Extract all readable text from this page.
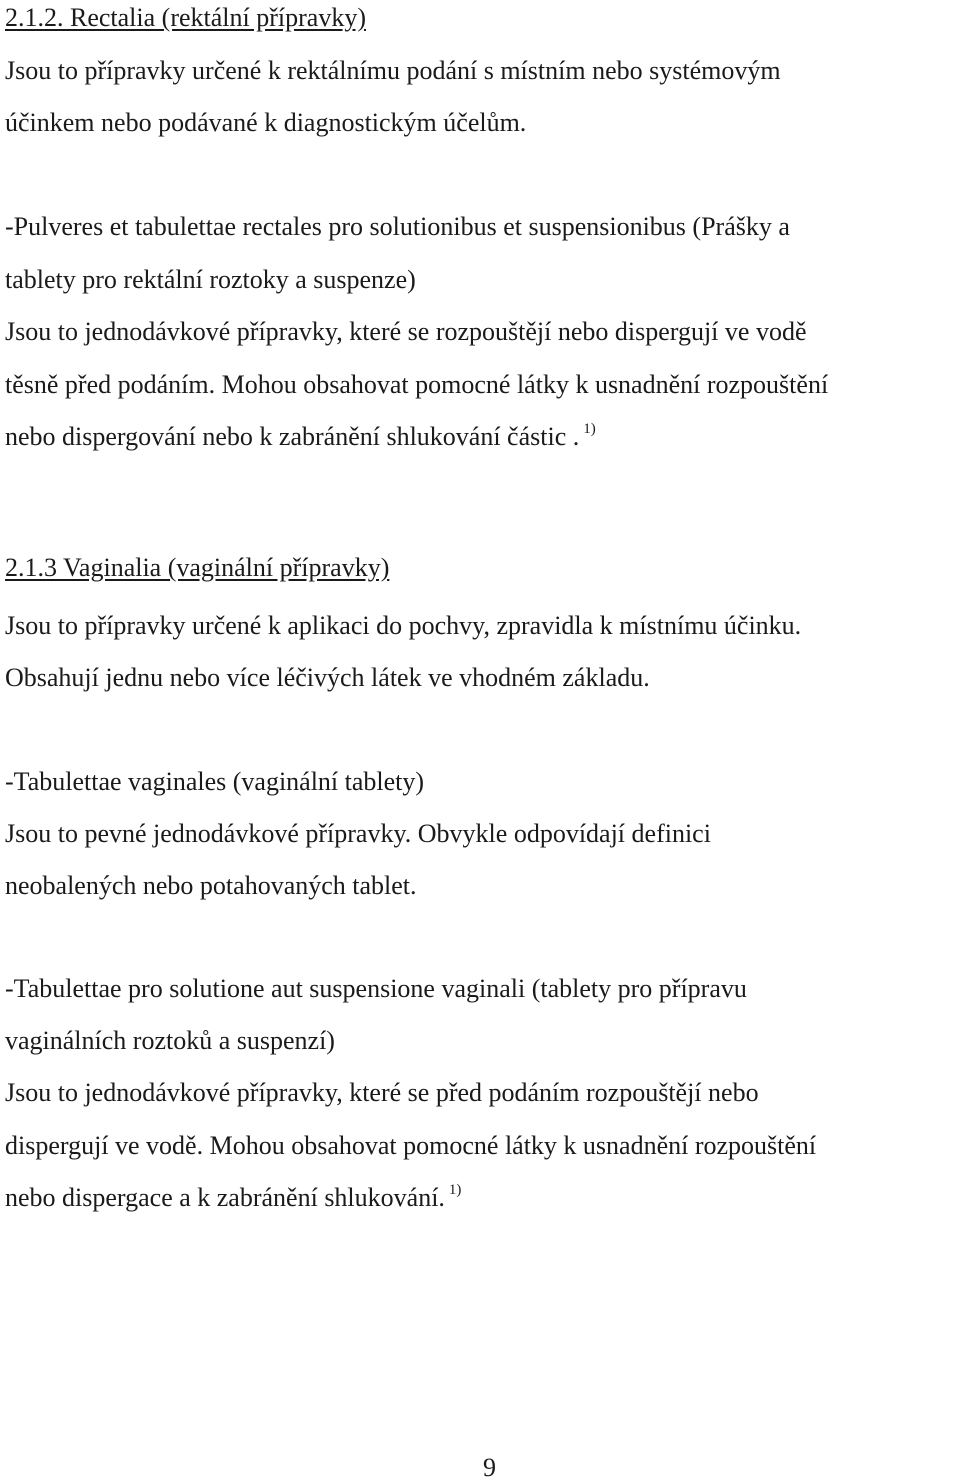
2.1.2. Rectalia (rektální přípravky)
Jsou to přípravky určené k rektálnímu podání s místním nebo systémovým
účinkem nebo podávané k diagnostickým účelům.
-Pulveres et tabulettae rectales pro solutionibus et suspensionibus (Prášky a
tablety pro rektální roztoky a suspenze)
Jsou to jednodávkové přípravky, které se rozpouštějí nebo dispergují ve vodě
těsně před podáním. Mohou obsahovat pomocné látky k usnadnění rozpouštění
nebo dispergování nebo k zabránění shlukování částic . $^{1)}$
2.1.3 Vaginalia (vaginální přípravky)
Jsou to přípravky určené k aplikaci do pochvy, zpravidla k místnímu účinku.
Obsahují jednu nebo více léčivých látek ve vhodném základu.
-Tabulettae vaginales (vaginální tablety)
Jsou to pevné jednodávkové přípravky. Obvykle odpovídají definici
neobalených nebo potahovaných tablet.
-Tabulettae pro solutione aut suspensione vaginali (tablety pro přípravu
vaginálních roztoků a suspenzí)
Jsou to jednodávkové přípravky, které se před podáním rozpouštějí nebo
dispergují ve vodě. Mohou obsahovat pomocné látky k usnadnění rozpouštění
nebo dispergace a k zabránění shlukování. $^{1)}$
9
